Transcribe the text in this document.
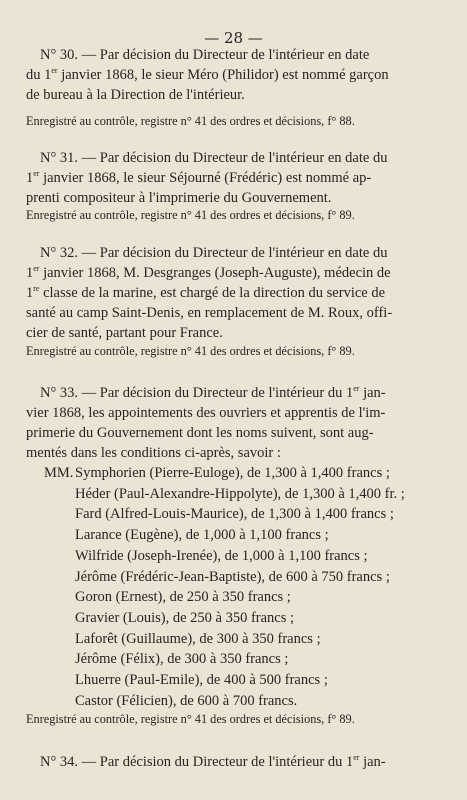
— 28 —
N° 30. — Par décision du Directeur de l'intérieur en date
du 1er janvier 1868, le sieur Méro (Philidor) est nommé garçon
de bureau à la Direction de l'intérieur.
Enregistré au contrôle, registre n° 41 des ordres et décisions, f° 88.
N° 31. — Par décision du Directeur de l'intérieur en date du
1er janvier 1868, le sieur Séjourné (Frédéric) est nommé ap-
prenti compositeur à l'imprimerie du Gouvernement.
Enregistré au contrôle, registre n° 41 des ordres et décisions, f° 89.
N° 32. — Par décision du Directeur de l'intérieur en date du
1er janvier 1868, M. Desgranges (Joseph-Auguste), médecin de
1re classe de la marine, est chargé de la direction du service de
santé au camp Saint-Denis, en remplacement de M. Roux, offi-
cier de santé, partant pour France.
Enregistré au contrôle, registre n° 41 des ordres et décisions, f° 89.
N° 33. — Par décision du Directeur de l'intérieur du 1er jan-
vier 1868, les appointements des ouvriers et apprentis de l'im-
primerie du Gouvernement dont les noms suivent, sont aug-
mentés dans les conditions ci-après, savoir :
MM. Symphorien (Pierre-Euloge), de 1,300 à 1,400 francs ;
Héder (Paul-Alexandre-Hippolyte), de 1,300 à 1,400 fr. ;
Fard (Alfred-Louis-Maurice), de 1,300 à 1,400 francs ;
Larance (Eugène), de 1,000 à 1,100 francs ;
Wilfride (Joseph-Irenée), de 1,000 à 1,100 francs ;
Jérôme (Frédéric-Jean-Baptiste), de 600 à 750 francs ;
Goron (Ernest), de 250 à 350 francs ;
Gravier (Louis), de 250 à 350 francs ;
Laforêt (Guillaume), de 300 à 350 francs ;
Jérôme (Félix), de 300 à 350 francs ;
Lhuerre (Paul-Emile), de 400 à 500 francs ;
Castor (Félicien), de 600 à 700 francs.
Enregistré au contrôle, registre n° 41 des ordres et décisions, f° 89.
N° 34. — Par décision du Directeur de l'intérieur du 1er jan-
